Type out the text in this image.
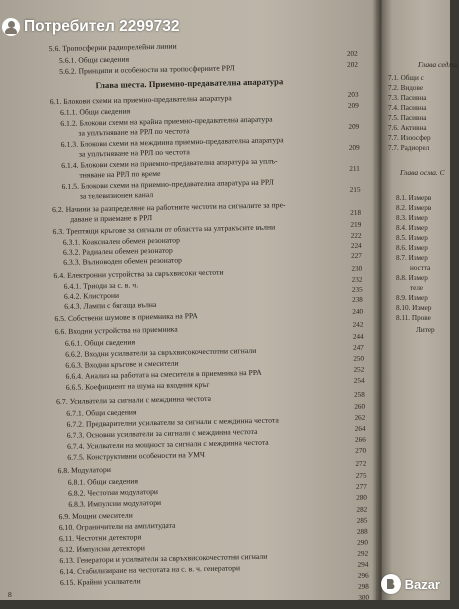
5.6. Тропосферни радиорелейни линии
5.6.1. Общи сведения
5.6.2. Принципи и особености на тропосферните РРЛ
Глава шеста. Приемно-предавателна апаратура
6.1. Блокови схеми на приемно-предавателна апаратура
6.1.1. Общи сведения
6.1.2. Блокови схеми на крайна приемно-предавателна апаратура
за уплътняване на РРЛ по честота
6.1.3. Блокови схеми на междинна приемно-предавателна апаратура
за уплътняване на РРЛ по честота
6.1.4. Блокови схеми на приемно-предавателна апаратура за уплъ-
тняване на РРЛ по време
6.1.5. Блокови схеми на приемно-предавателна апаратура на РРЛ
за телевизионен канал
6.2. Начини за разпределяне на работните честоти на сигналите за пре-
даване и приемане в РРЛ
6.3. Трептящи кръгове за сигнали от областта на ултракъсите вълни
6.3.1. Коаксиален обемен резонатор
6.3.2. Радиален обемен резонатор
6.3.3. Вълноводен обемен резонатор
6.4. Електронни устройства за свръхвисоки честоти
6.4.1. Триоди за с. в. ч.
6.4.2. Клистрони
6.4.3. Лампи с бягаща вълна
6.5. Собствени шумове в приемника на РРА
6.6. Входни устройства на приемника
6.6.1. Общи сведения
6.6.2. Входни усилватели за свръхвисокочестотни сигнали
6.6.3. Входни кръгове и смесители
6.6.4. Анализ на работата на смесителя в приемника на РРА
6.6.5. Коефициент на шума на входния кръг
6.7. Усилватели за сигнали с междинна честота
6.7.1. Общи сведения
6.7.2. Предварителни усилватели за сигнали с междинна честота
6.7.3. Основни усилватели за сигнали с междинна честота
6.7.4. Усилватели на мощност за сигнали с междинна честота
6.7.5. Конструктивни особености на УМЧ
6.8. Модулатори
6.8.1. Общи сведения
6.8.2. Честотни модулатори
6.8.3. Импулсни модулатори
6.9. Мощни смесители
6.10. Ограничители на амплитудата
6.11. Честотни детектори
6.12. Импулсни детектори
6.13. Генератори и усилватели за свръхвисокочестотни сигнали
6.14. Стабилизиране на честотата на с. в. ч. генератори
6.15. Крайни усилватели
202
202
203
209
209
209
211
215
218
219
222
224
227
230
232
235
238
240
242
244
247
250
252
254
258
260
262
264
266
270
272
275
277
280
282
285
288
290
292
294
296
298
300
8
Глава седма.
7.1. Общи с
7.2. Видове
7.3. Пасивна
7.4. Пасивна
7.5. Пасивна
7.6. Активна
7.7. Изоосфер
7.7. Радиорел
Глава осма. С
8.1. Измерв
8.2. Измерв
8.3. Измер
8.4. Измер
8.5. Измер
8.6. Измер
8.7. Измер
ността
8.8. Измер
теле
8.9. Измер
8.10. Измер
8.11. Прове
Литер
Потребител 2299732
Bazar
